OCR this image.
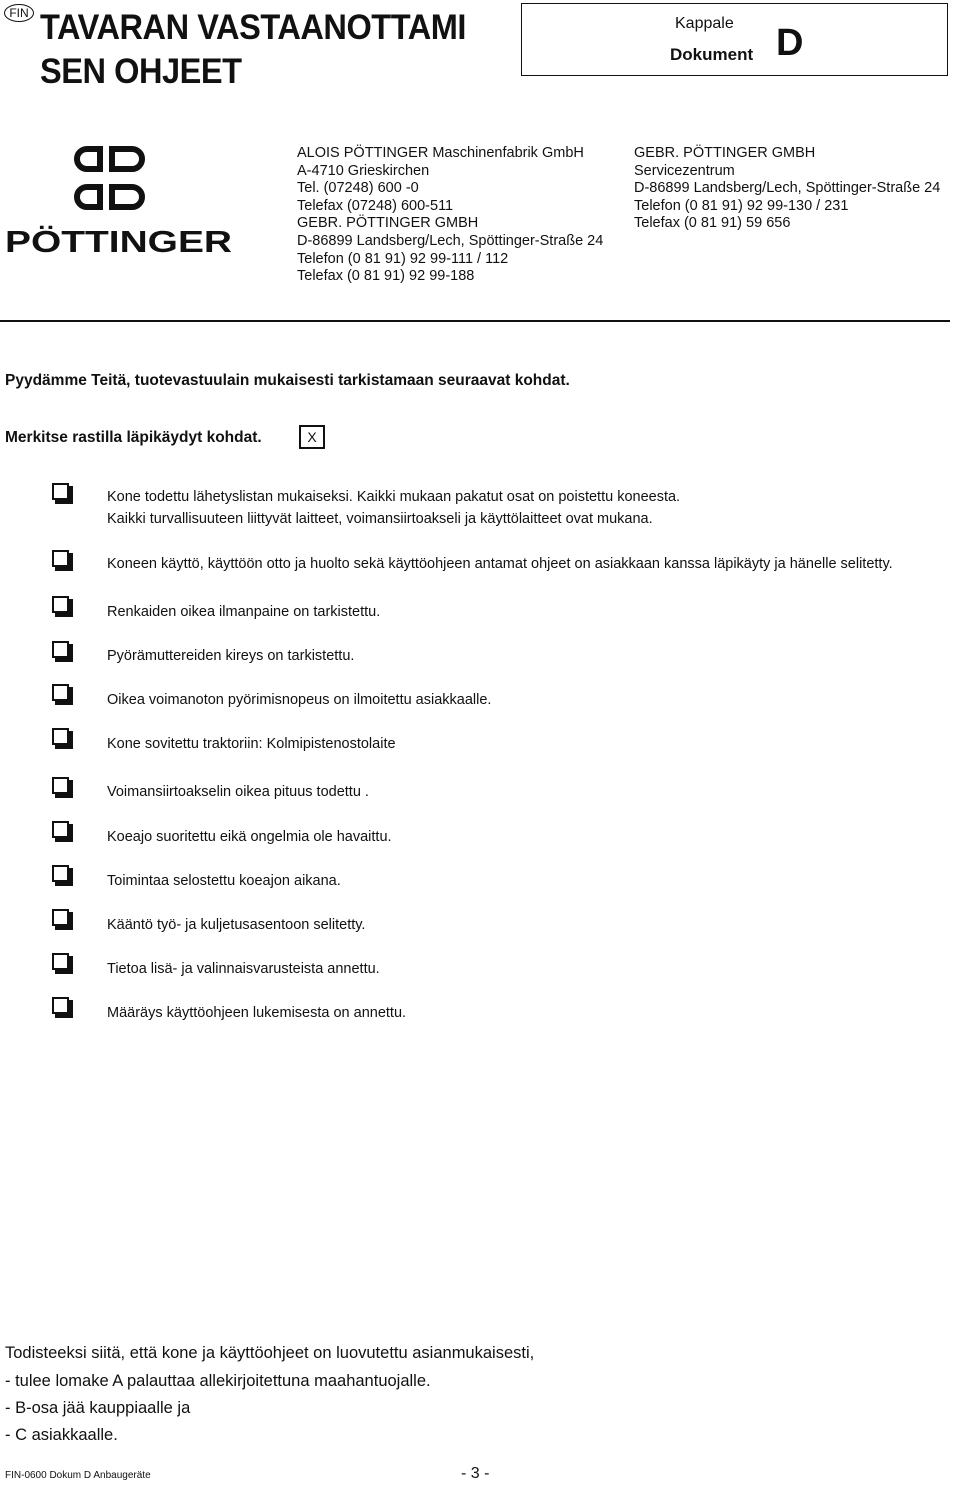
FIN TAVARAN VASTAANOTTAMI
SEN OHJEET
Kappale
Dokument D
PÖTTINGER
ALOIS PÖTTINGER Maschinenfabrik GmbH
A-4710 Grieskirchen
Tel. (07248) 600 -0
Telefax (07248) 600-511
GEBR. PÖTTINGER GMBH
D-86899 Landsberg/Lech, Spöttinger-Straße 24
Telefon (0 81 91) 92 99-111 / 112
Telefax (0 81 91) 92 99-188
GEBR. PÖTTINGER GMBH
Servicezentrum
D-86899 Landsberg/Lech, Spöttinger-Straße 24
Telefon (0 81 91) 92 99-130 / 231
Telefax (0 81 91) 59 656
Pyydämme Teitä, tuotevastuulain mukaisesti tarkistamaan seuraavat kohdat.
Merkitse rastilla läpikäydyt kohdat.	X
Kone todettu lähetyslistan mukaiseksi. Kaikki mukaan pakatut osat on poistettu koneesta.
Kaikki turvallisuuteen liittyvät laitteet, voimansiirtoakseli ja käyttölaitteet ovat mukana.
Koneen käyttö, käyttöön otto ja huolto sekä käyttöohjeen antamat ohjeet on asiakkaan kanssa läpikäyty ja hänelle selitetty.
Renkaiden oikea ilmanpaine on tarkistettu.
Pyörämuttereiden kireys on tarkistettu.
Oikea voimanoton pyörimisnopeus on ilmoitettu asiakkaalle.
Kone sovitettu traktoriin: Kolmipistenostolaite
Voimansiirtoakselin oikea pituus todettu .
Koeajo suoritettu eikä ongelmia ole havaittu.
Toimintaa selostettu koeajon aikana.
Kääntö työ- ja kuljetusasentoon selitetty.
Tietoa lisä- ja valinnaisvarusteista annettu.
Määräys käyttöohjeen lukemisesta on annettu.
Todisteeksi siitä, että kone ja käyttöohjeet on luovutettu asianmukaisesti,
- tulee lomake A palauttaa allekirjoitettuna maahantuojalle.
- B-osa jää kauppiaalle ja
- C asiakkaalle.
FIN-0600 Dokum D Anbaugeräte	- 3 -
